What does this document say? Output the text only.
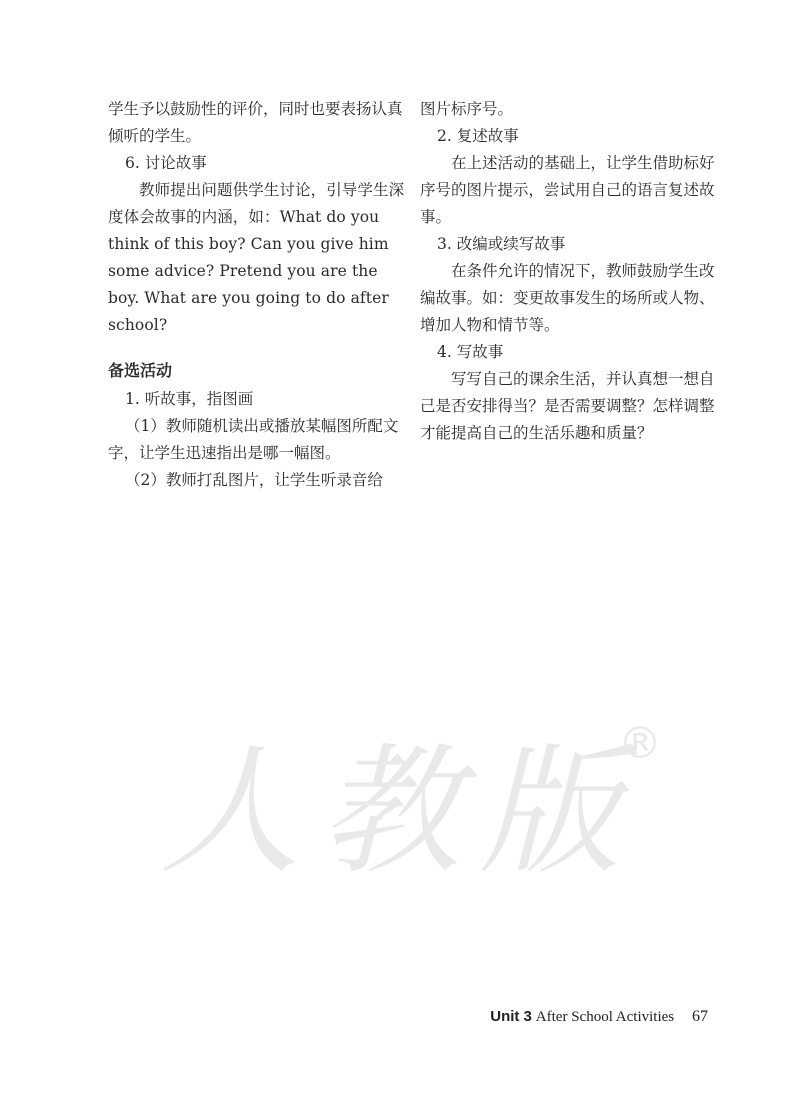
学生予以鼓励性的评价，同时也要表扬认真倾听的学生。

6. 讨论故事

教师提出问题供学生讨论，引导学生深度体会故事的内涵，如：What do you think of this boy? Can you give him some advice? Pretend you are the boy. What are you going to do after school?

备选活动

1. 听故事，指图画

（1）教师随机读出或播放某幅图所配文字，让学生迅速指出是哪一幅图。

（2）教师打乱图片，让学生听录音给

图片标序号。

2. 复述故事

在上述活动的基础上，让学生借助标好序号的图片提示，尝试用自己的语言复述故事。

3. 改编或续写故事

在条件允许的情况下，教师鼓励学生改编故事。如：变更故事发生的场所或人物、增加人物和情节等。

4. 写故事

写写自己的课余生活，并认真想一想自己是否安排得当？是否需要调整？怎样调整才能提高自己的生活乐趣和质量？

人 教 版
®
Unit 3 After School Activities 67
